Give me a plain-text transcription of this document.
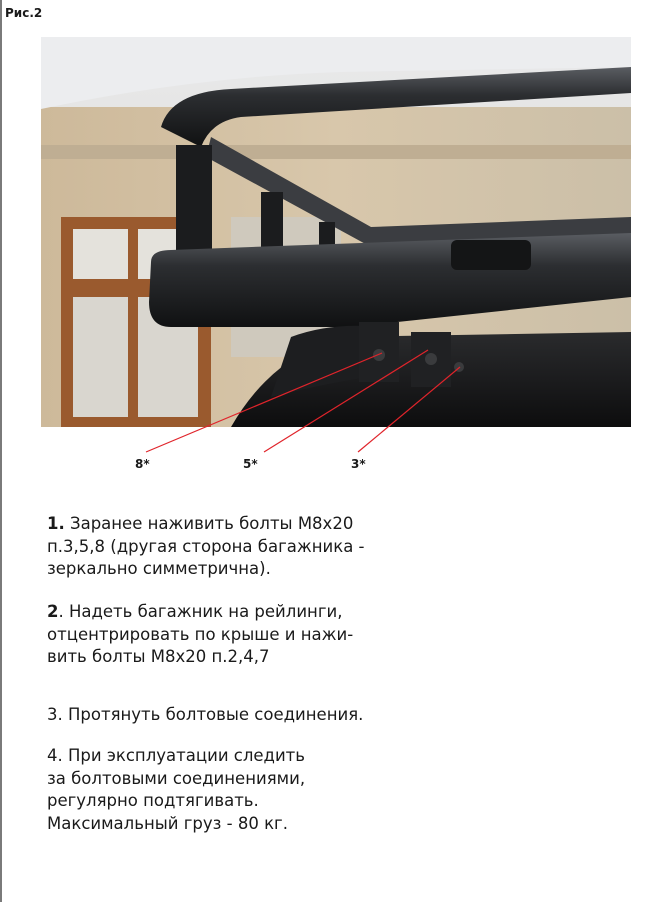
Рис.2
8*	5*	3*
1. Заранее наживить болты М8х20
п.3,5,8 (другая сторона багажника -
зеркально симметрична).
2. Надеть багажник на рейлинги,
отцентрировать по крыше и нажи-
вить болты М8х20 п.2,4,7
3. Протянуть болтовые соединения.
4. При эксплуатации следить
за болтовыми соединениями,
регулярно подтягивать.
Максимальный груз - 80 кг.
